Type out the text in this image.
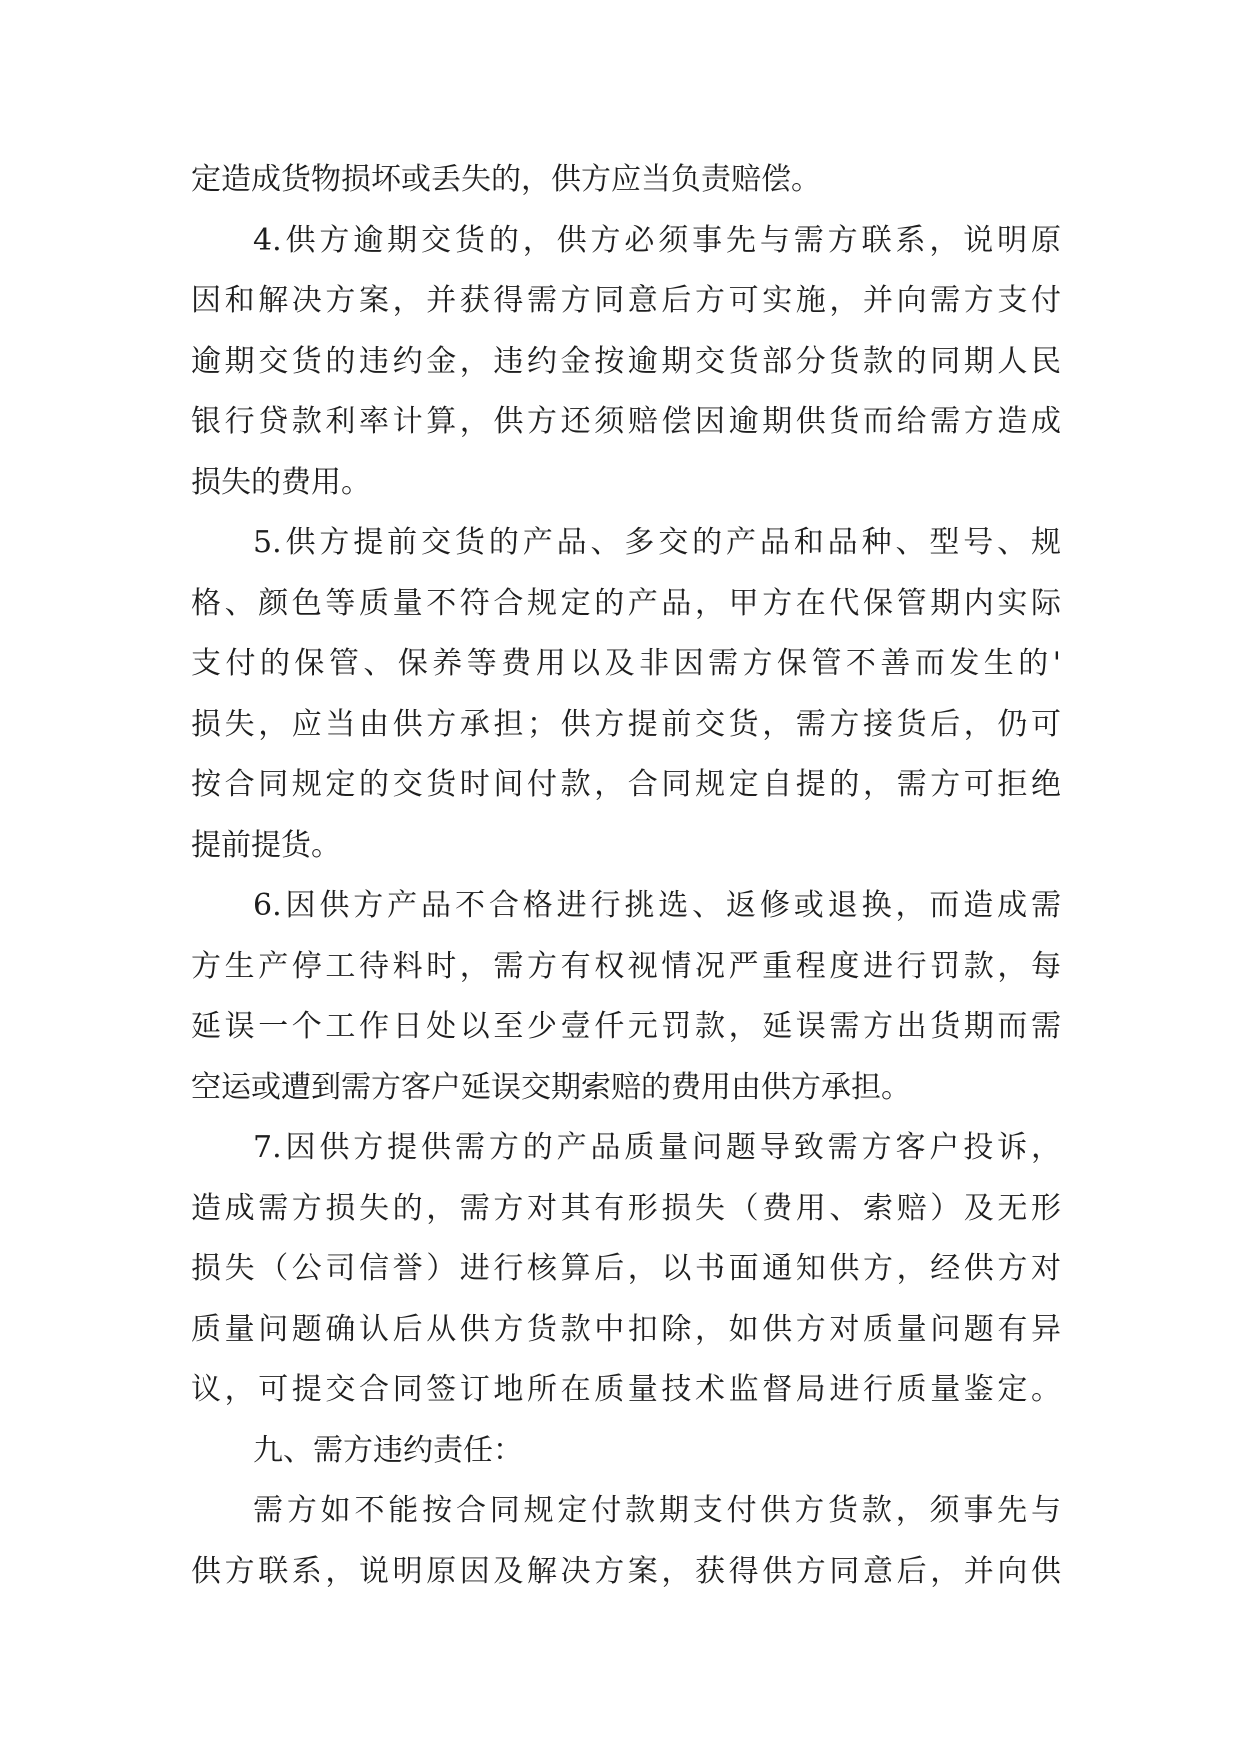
定造成货物损坏或丢失的，供方应当负责赔偿。
4.供方逾期交货的，供方必须事先与需方联系，说明原
因和解决方案，并获得需方同意后方可实施，并向需方支付
逾期交货的违约金，违约金按逾期交货部分货款的同期人民
银行贷款利率计算，供方还须赔偿因逾期供货而给需方造成
损失的费用。
5.供方提前交货的产品、多交的产品和品种、型号、规
格、颜色等质量不符合规定的产品，甲方在代保管期内实际
支付的保管、保养等费用以及非因需方保管不善而发生的'
损失，应当由供方承担；供方提前交货，需方接货后，仍可
按合同规定的交货时间付款，合同规定自提的，需方可拒绝
提前提货。
6.因供方产品不合格进行挑选、返修或退换，而造成需
方生产停工待料时，需方有权视情况严重程度进行罚款，每
延误一个工作日处以至少壹仟元罚款，延误需方出货期而需
空运或遭到需方客户延误交期索赔的费用由供方承担。
7.因供方提供需方的产品质量问题导致需方客户投诉，
造成需方损失的，需方对其有形损失（费用、索赔）及无形
损失（公司信誉）进行核算后，以书面通知供方，经供方对
质量问题确认后从供方货款中扣除，如供方对质量问题有异
议，可提交合同签订地所在质量技术监督局进行质量鉴定。
九、需方违约责任：
需方如不能按合同规定付款期支付供方货款，须事先与
供方联系，说明原因及解决方案，获得供方同意后，并向供
